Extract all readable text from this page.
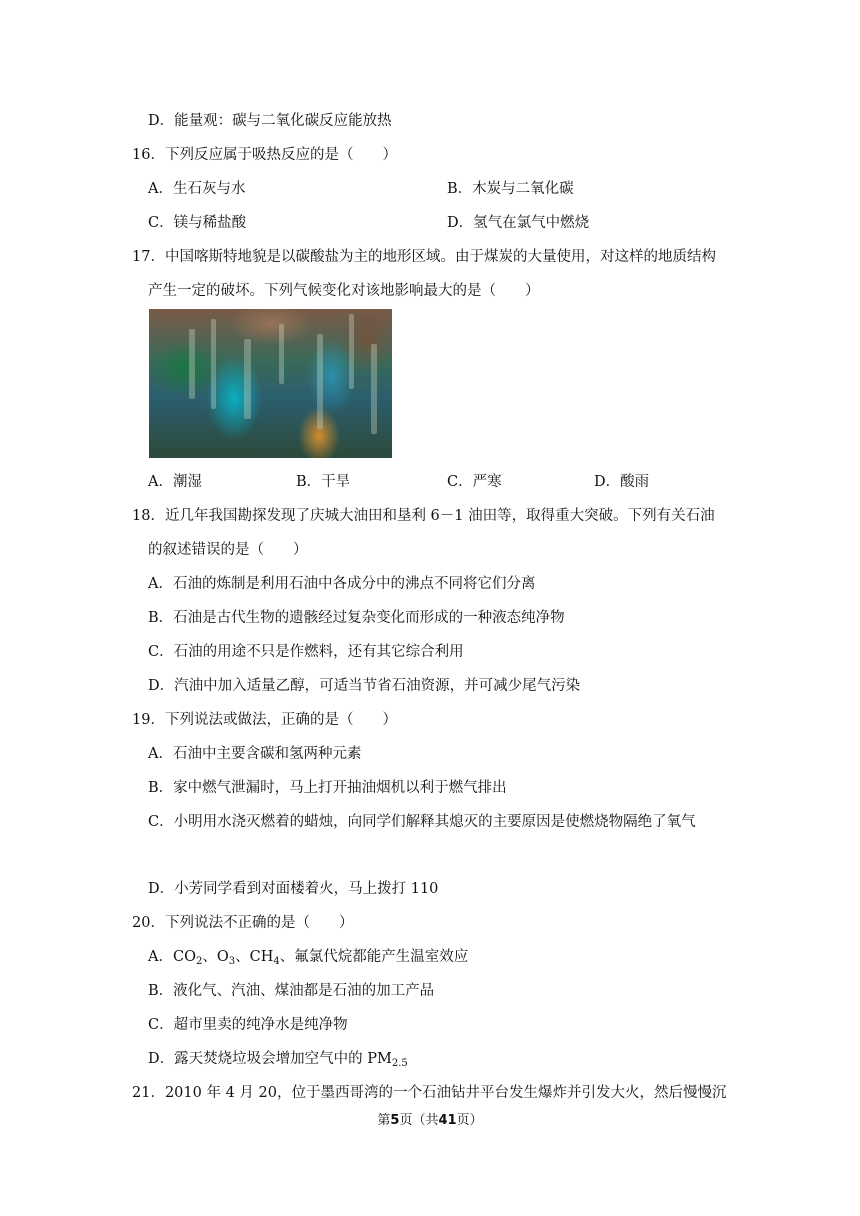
D．能量观：碳与二氧化碳反应能放热
16．下列反应属于吸热反应的是（　　）
A．生石灰与水	B．木炭与二氧化碳
C．镁与稀盐酸	D．氢气在氯气中燃烧
17．中国喀斯特地貌是以碳酸盐为主的地形区域。由于煤炭的大量使用，对这样的地质结构
产生一定的破坏。下列气候变化对该地影响最大的是（　　）
A．潮湿	B．干旱	C．严寒	D．酸雨
18．近几年我国勘探发现了庆城大油田和垦利 6－1 油田等，取得重大突破。下列有关石油
的叙述错误的是（　　）
A．石油的炼制是利用石油中各成分中的沸点不同将它们分离
B．石油是古代生物的遗骸经过复杂变化而形成的一种液态纯净物
C．石油的用途不只是作燃料，还有其它综合利用
D．汽油中加入适量乙醇，可适当节省石油资源，并可减少尾气污染
19．下列说法或做法，正确的是（　　）
A．石油中主要含碳和氢两种元素
B．家中燃气泄漏时，马上打开抽油烟机以利于燃气排出
C．小明用水浇灭燃着的蜡烛，向同学们解释其熄灭的主要原因是使燃烧物隔绝了氧气
D．小芳同学看到对面楼着火，马上拨打 110
20．下列说法不正确的是（　　）
A．$CO_2$、$O_3$、$CH_4$、氟氯代烷都能产生温室效应
B．液化气、汽油、煤油都是石油的加工产品
C．超市里卖的纯净水是纯净物
D．露天焚烧垃圾会增加空气中的 $PM_{2.5}$
21．2010 年 4 月 20，位于墨西哥湾的一个石油钻井平台发生爆炸并引发大火，然后慢慢沉
第5页（共41页）
